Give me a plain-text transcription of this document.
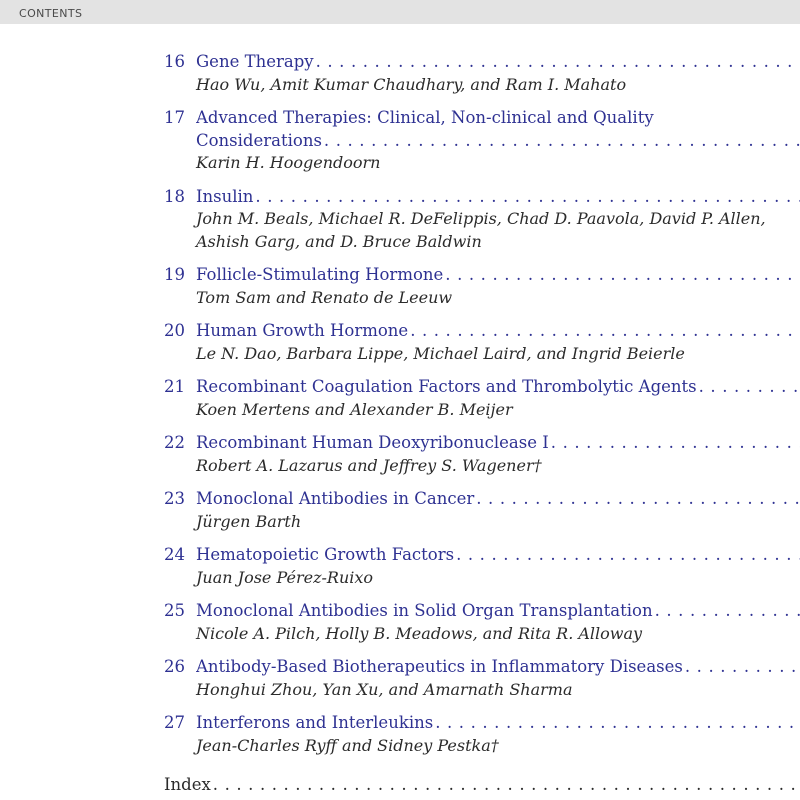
CONTENTS
16 Gene Therapy
. . .
Hao Wu, Amit Kumar Chaudhary, and Ram I. Mahato
17 Advanced Therapies: Clinical, Non-clinical and Quality
Considerations
. . .
Karin H. Hoogendoorn
18 Insulin
. . .
John M. Beals, Michael R. DeFelippis, Chad D. Paavola, David P. Allen,
Ashish Garg, and D. Bruce Baldwin
19 Follicle-Stimulating Hormone
. . .
Tom Sam and Renato de Leeuw
20 Human Growth Hormone
. . .
Le N. Dao, Barbara Lippe, Michael Laird, and Ingrid Beierle
21 Recombinant Coagulation Factors and Thrombolytic Agents
. . .
Koen Mertens and Alexander B. Meijer
22 Recombinant Human Deoxyribonuclease I
. . .
Robert A. Lazarus and Jeffrey S. Wagener†
23 Monoclonal Antibodies in Cancer
. . .
Jürgen Barth
24 Hematopoietic Growth Factors
. . .
Juan Jose Pérez-Ruixo
25 Monoclonal Antibodies in Solid Organ Transplantation
. . .
Nicole A. Pilch, Holly B. Meadows, and Rita R. Alloway
26 Antibody-Based Biotherapeutics in Inflammatory Diseases
. . .
Honghui Zhou, Yan Xu, and Amarnath Sharma
27 Interferons and Interleukins
. . .
Jean-Charles Ryff and Sidney Pestka†
Index
. . .
